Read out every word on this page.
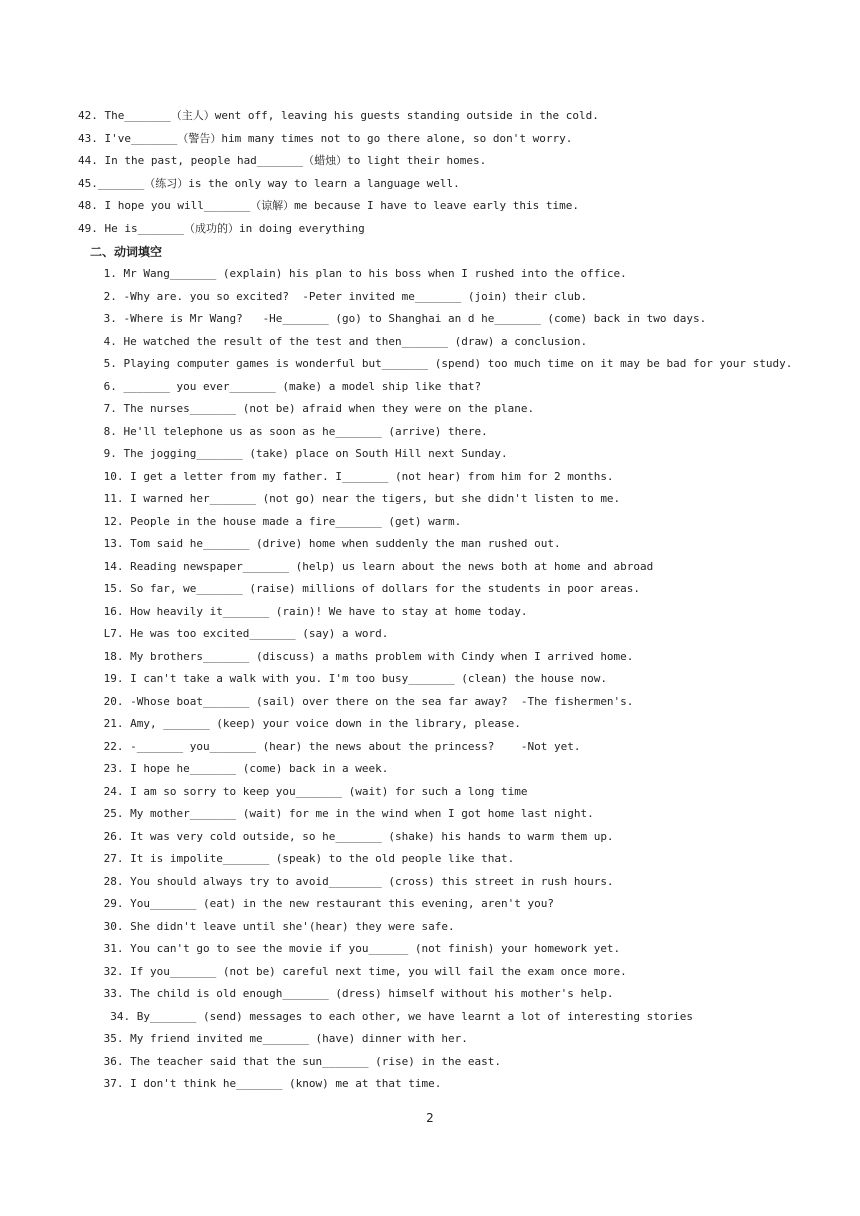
42. The_______（主人）went off, leaving his guests standing outside in the cold.

43. I've_______（警告）him many times not to go there alone, so don't worry.

44. In the past, people had_______（蜡烛）to light their homes.

45._______（练习）is the only way to learn a language well.

48. I hope you will_______（谅解）me because I have to leave early this time.

49. He is_______（成功的）in doing everything

二、动词填空

1. Mr Wang_______ (explain) his plan to his boss when I rushed into the office.

2. -Why are. you so excited?  -Peter invited me_______ (join) their club.

3. -Where is Mr Wang?   -He_______ (go) to Shanghai an d he_______ (come) back in two days.

4. He watched the result of the test and then_______ (draw) a conclusion.

5. Playing computer games is wonderful but_______ (spend) too much time on it may be bad for your study.

6. _______ you ever_______ (make) a model ship like that?

7. The nurses_______ (not be) afraid when they were on the plane.

8. He'll telephone us as soon as he_______ (arrive) there.

9. The jogging_______ (take) place on South Hill next Sunday.

10. I get a letter from my father. I_______ (not hear) from him for 2 months.

11. I warned her_______ (not go) near the tigers, but she didn't listen to me.

12. People in the house made a fire_______ (get) warm.

13. Tom said he_______ (drive) home when suddenly the man rushed out.

14. Reading newspaper_______ (help) us learn about the news both at home and abroad

15. So far, we_______ (raise) millions of dollars for the students in poor areas.

16. How heavily it_______ (rain)! We have to stay at home today.

L7. He was too excited_______ (say) a word.

18. My brothers_______ (discuss) a maths problem with Cindy when I arrived home.

19. I can't take a walk with you. I'm too busy_______ (clean) the house now.

20. -Whose boat_______ (sail) over there on the sea far away?  -The fishermen's.

21. Amy, _______ (keep) your voice down in the library, please.

22. -_______ you_______ (hear) the news about the princess?    -Not yet.

23. I hope he_______ (come) back in a week.

24. I am so sorry to keep you_______ (wait) for such a long time

25. My mother_______ (wait) for me in the wind when I got home last night.

26. It was very cold outside, so he_______ (shake) his hands to warm them up.

27. It is impolite_______ (speak) to the old people like that.

28. You should always try to avoid________ (cross) this street in rush hours.

29. You_______ (eat) in the new restaurant this evening, aren't you?

30. She didn't leave until she'(hear) they were safe.

31. You can't go to see the movie if you______ (not finish) your homework yet.

32. If you_______ (not be) careful next time, you will fail the exam once more.

33. The child is old enough_______ (dress) himself without his mother's help.

34. By_______ (send) messages to each other, we have learnt a lot of interesting stories

35. My friend invited me_______ (have) dinner with her.

36. The teacher said that the sun_______ (rise) in the east.

37. I don't think he_______ (know) me at that time.

2
